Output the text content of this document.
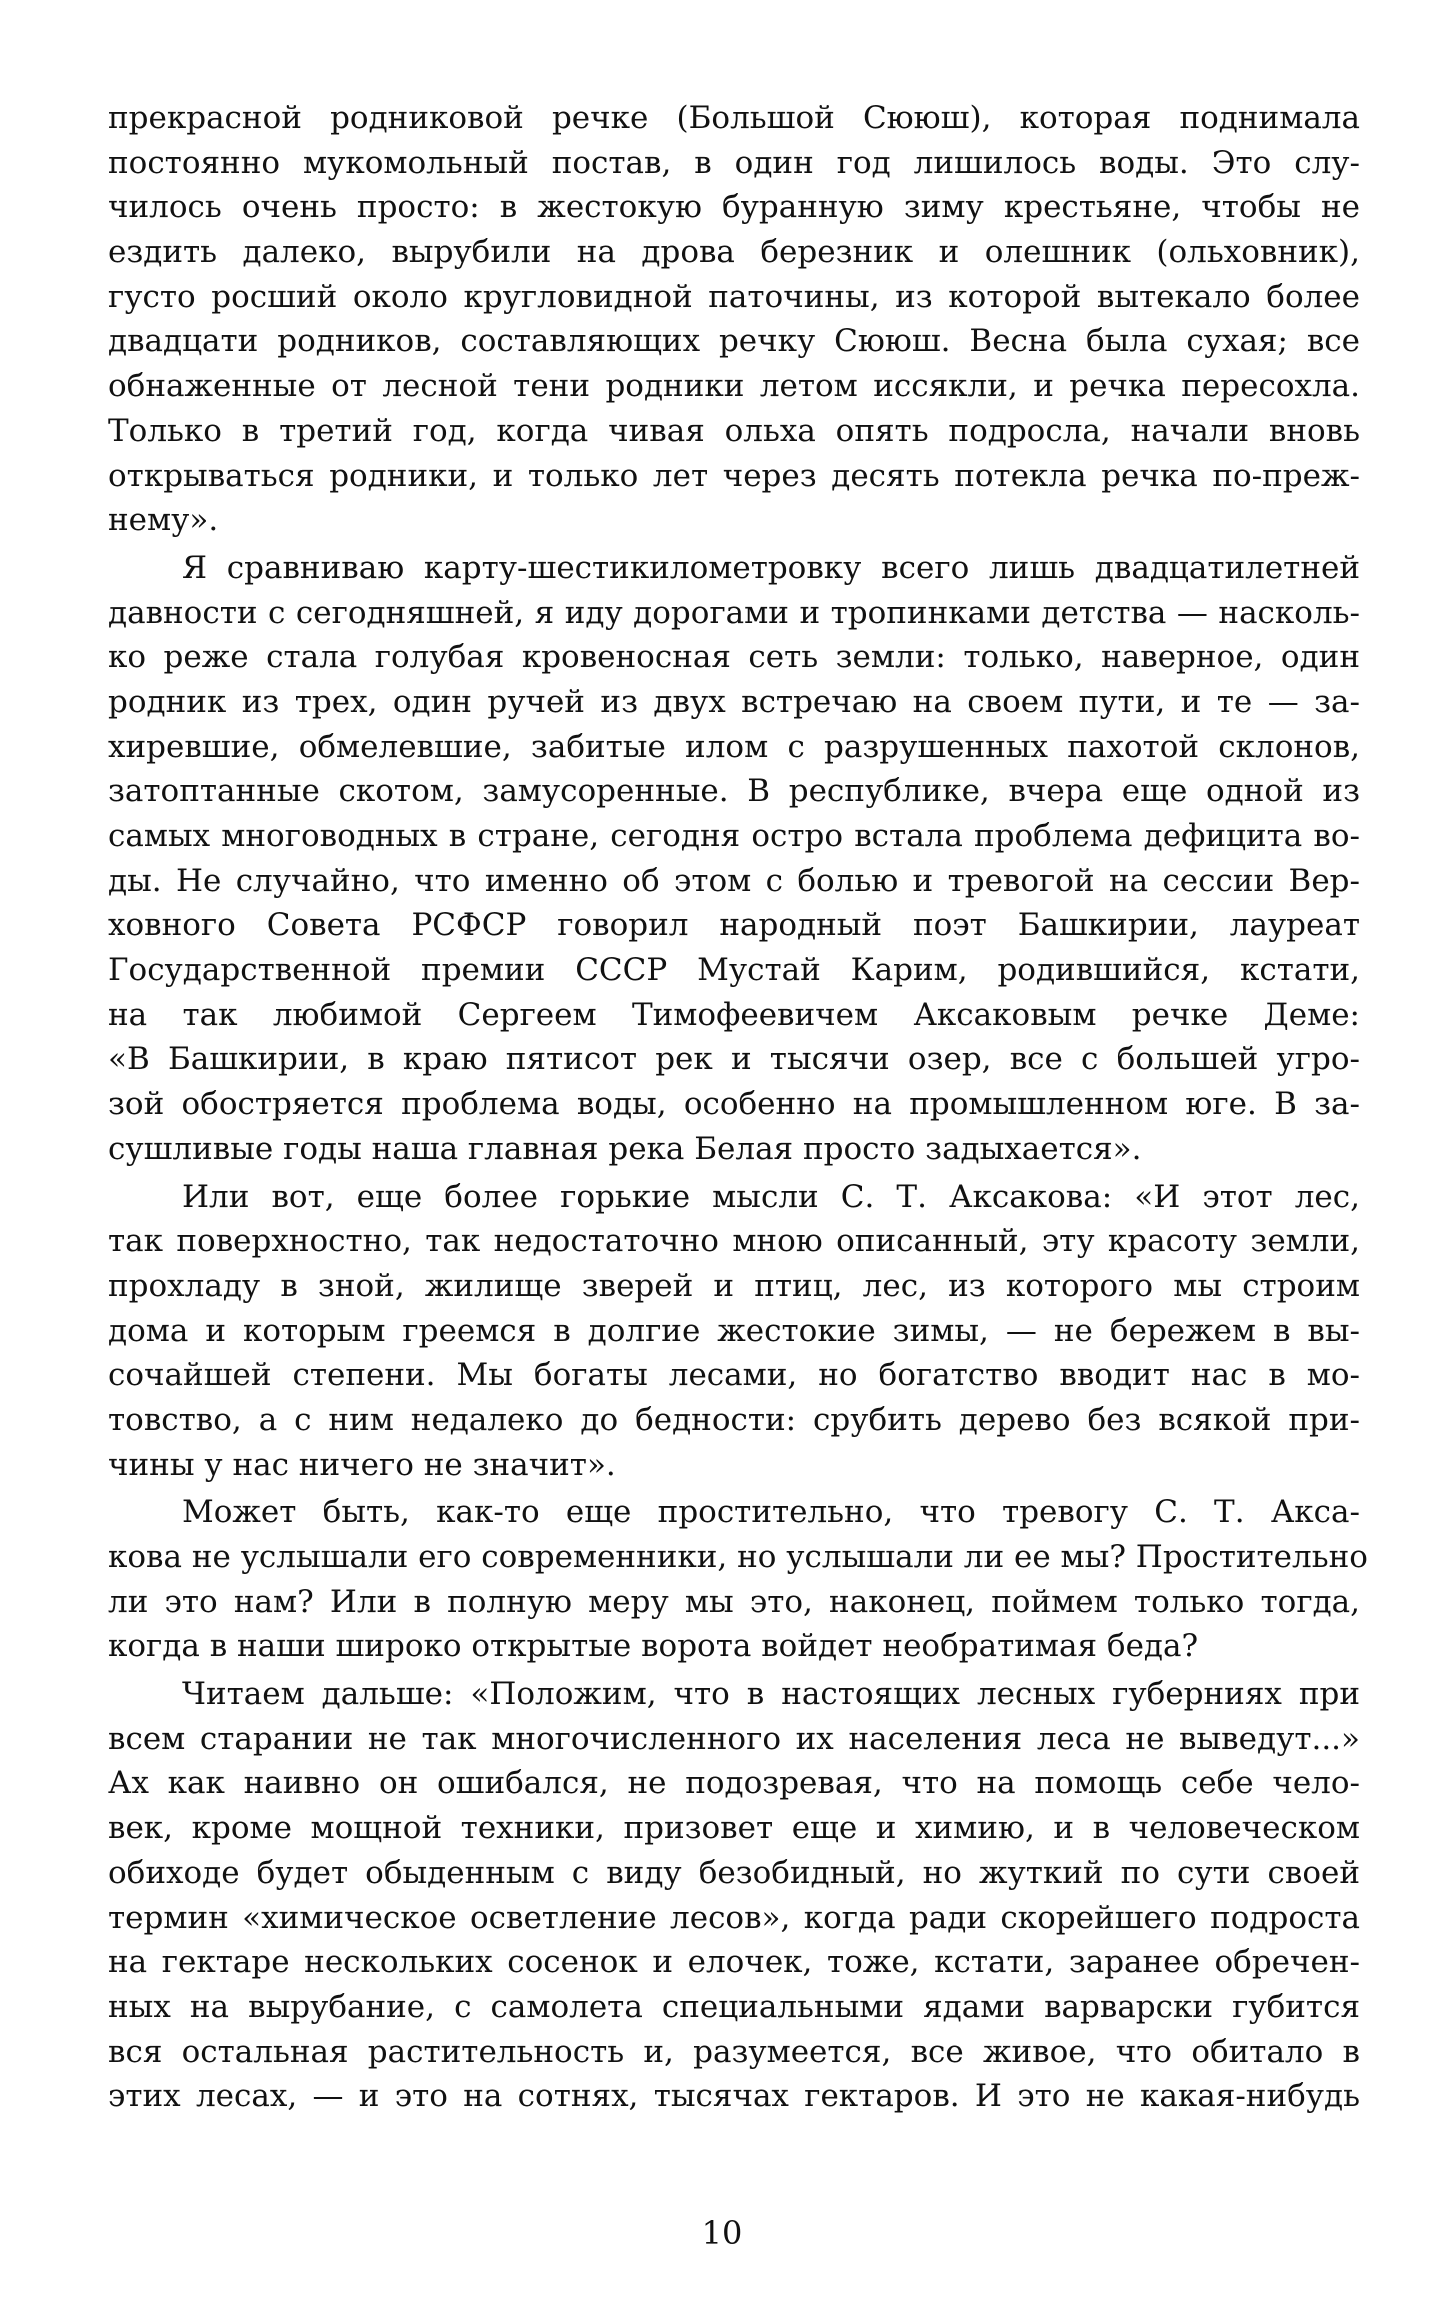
прекрасной родниковой речке (Большой Сююш), которая поднимала
постоянно мукомольный постав, в один год лишилось воды. Это слу-
чилось очень просто: в жестокую буранную зиму крестьяне, чтобы не
ездить далеко, вырубили на дрова березник и олешник (ольховник),
густо росший около кругловидной паточины, из которой вытекало более
двадцати родников, составляющих речку Сююш. Весна была сухая; все
обнаженные от лесной тени родники летом иссякли, и речка пересохла.
Только в третий год, когда чивая ольха опять подросла, начали вновь
открываться родники, и только лет через десять потекла речка по-преж-
нему».
Я сравниваю карту-шестикилометровку всего лишь двадцатилетней
давности с сегодняшней, я иду дорогами и тропинками детства — насколь-
ко реже стала голубая кровеносная сеть земли: только, наверное, один
родник из трех, один ручей из двух встречаю на своем пути, и те — за-
хиревшие, обмелевшие, забитые илом с разрушенных пахотой склонов,
затоптанные скотом, замусоренные. В республике, вчера еще одной из
самых многоводных в стране, сегодня остро встала проблема дефицита во-
ды. Не случайно, что именно об этом с болью и тревогой на сессии Вер-
ховного Совета РСФСР говорил народный поэт Башкирии, лауреат
Государственной премии СССР Мустай Карим, родившийся, кстати,
на так любимой Сергеем Тимофеевичем Аксаковым речке Деме:
«В Башкирии, в краю пятисот рек и тысячи озер, все с большей угро-
зой обостряется проблема воды, особенно на промышленном юге. В за-
сушливые годы наша главная река Белая просто задыхается».
Или вот, еще более горькие мысли С. Т. Аксакова: «И этот лес,
так поверхностно, так недостаточно мною описанный, эту красоту земли,
прохладу в зной, жилище зверей и птиц, лес, из которого мы строим
дома и которым греемся в долгие жестокие зимы, — не бережем в вы-
сочайшей степени. Мы богаты лесами, но богатство вводит нас в мо-
товство, а с ним недалеко до бедности: срубить дерево без всякой при-
чины у нас ничего не значит».
Может быть, как-то еще простительно, что тревогу С. Т. Акса-
кова не услышали его современники, но услышали ли ее мы? Простительно
ли это нам? Или в полную меру мы это, наконец, поймем только тогда,
когда в наши широко открытые ворота войдет необратимая беда?
Читаем дальше: «Положим, что в настоящих лесных губерниях при
всем старании не так многочисленного их населения леса не выведут...»
Ах как наивно он ошибался, не подозревая, что на помощь себе чело-
век, кроме мощной техники, призовет еще и химию, и в человеческом
обиходе будет обыденным с виду безобидный, но жуткий по сути своей
термин «химическое осветление лесов», когда ради скорейшего подроста
на гектаре нескольких сосенок и елочек, тоже, кстати, заранее обречен-
ных на вырубание, с самолета специальными ядами варварски губится
вся остальная растительность и, разумеется, все живое, что обитало в
этих лесах, — и это на сотнях, тысячах гектаров. И это не какая-нибудь
10
